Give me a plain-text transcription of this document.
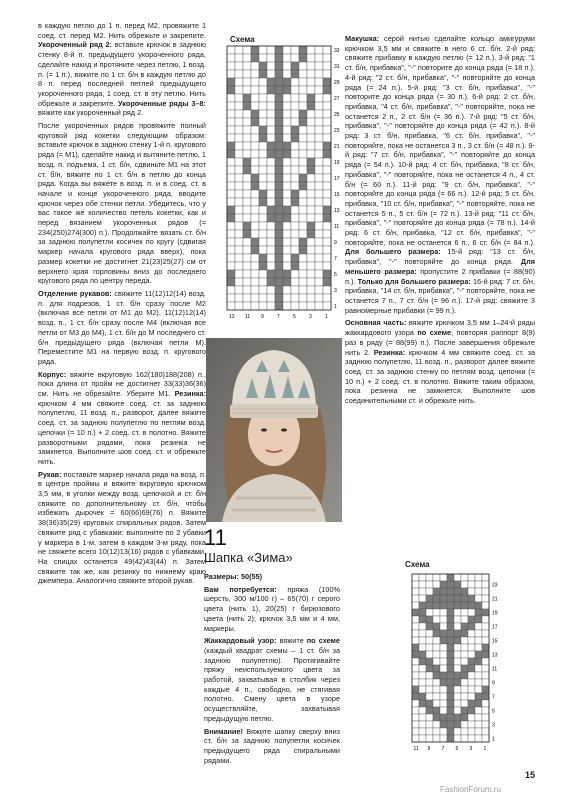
в каждую петлю до 1 п. перед М2, провяжите 1 соед. ст. перед М2. Нить обрежьте и закрепите. Укороченный ряд 2: вставьте крючок в заднюю стенку 8-й п. предыдущего укороченного ряда, сделайте накид и протяните через петлю, 1 возд. п. (= 1 п.), вяжите по 1 ст. б/н в каждую петлю до 8 п. перед последней петлей предыдущего укороченного ряда, 1 соед. ст. в эту петлю. Нить обрежьте и закрепите. Укороченные ряды 3–8: вяжите как укороченный ряд 2.

После укороченных рядов провяжите полный круговой ряд кокетки следующим образом: вставьте крючок в заднюю стенку 1-й п. кругового ряда (= М1), сделайте накид и вытяните петлю, 1 возд. п. подъема, 1 ст. б/н, сдвиньте М1 на этот ст. б/н, вяжите по 1 ст. б/н в петлю до конца ряда. Когда вы вяжете в возд. п. и в соед. ст. в начале и конце укороченного ряда, вводите крючок через обе стенки петли. Убедитесь, что у вас такое же количество петель кокетки, как и перед вязанием укороченных рядов (= 234(250)274(300) п.). Продолжайте вязать ст. б/н за заднюю полупетли косичек по кругу (сдвигая маркер начала кругового ряда вверх), пока размер кокетки не достигнет 21(23)25(27) см от верхнего края горловины вниз до последнего кругового ряда по центру переда.

Отделение рукавов: свяжите 11(12)12(14) возд. п. для подрезов, 1 ст. б/н сразу после М2 (включая все петли от М1 до М2), 11(12)12(14) возд. п., 1 ст. б/н сразу после М4 (включая все петли от М3 до М4), 1 ст. б/н до М последнего ст. б/н предыдущего ряда (включая петли М). Переместите М1 на первую возд. п. кругового ряда.

Корпус: вяжите вкруговую 162(180)188(208) п., пока длина от пройм не достигнет 33(33)36(36) см. Нить не обрезайте. Уберите М1. Резинка: крючком 4 мм свяжите соед. ст. за заднюю полупетлю, 11 возд. п., разворот, далее вяжите соед. ст. за заднюю полупетлю по петлям возд. цепочки (= 10 п.) + 2 соед. ст. в полотно. Вяжите разворотными рядами, пока резинка не замкнется. Выполните шов соед. ст. и обрежьте нить.

Рукав: поставьте маркер начала ряда на возд. п. в центре проймы и вяжите вкруговую крючком 3,5 мм, в уголки между возд. цепочкой и ст. б/н свяжите по дополнительному ст. б/н, чтобы избежать дырочек = 60(66)69(76) п. Вяжите 38(36)35(29) круговых спиральных рядов. Затем свяжите ряд с убавками: выполните по 2 убавки у маркера в 1-м, затем в каждом 3-м ряду, пока не свяжете всего 10(12)13(16) рядов с убавками. На спицах останется 49(42)43(44) п. Затем свяжите так же, как резинку по нижнему краю джемпера. Аналогично свяжите второй рукав.

Схема
33
31
29
27
25
23
21
19
17
15
13
11
9
7
5
3
1
13 11 9	7	5	3	1
11
Шапка «Зима»

Размеры: 50(55)

Вам потребуется: пряжа (100% шерсть, 300 м/100 г) – 65(70) г серого цвета (нить 1), 20(25) г бирюзового цвета (нить 2); крючок 3,5 мм и 4 мм, маркеры.

Жаккардовый узор: вяжите по схеме (каждый квадрат схемы – 1 ст. б/н за заднюю полупетлю). Протягивайте пряжу неиспользуемого цвета за работой, захватывая в столбик через каждые 4 п., свободно, не стягивая полотно. Смену цвета в узоре осуществляйте, захватывая предыдущую петлю.

Внимание! Вяжите шапку сверху вниз ст. б/н за заднюю полупетли косичек предыдущего ряда спиральными рядами.

Макушка: серой нитью сделайте кольцо амигуруми крючком 3,5 мм и свяжите в него 6 ст. б/н. 2-й ряд: свяжите прибавку в каждую петлю (= 12 п.). 3-й ряд: "1 ст. б/н, прибавка", "-" повторите до конца ряда (= 18 п.). 4-й ряд: "2 ст. б/н, прибавка", "-" повторяйте до конца ряда (= 24 п.). 5-й ряд: "3 ст. б/н, прибавка", "-" повторите до конца ряда (= 30 п.). 6-й ряд: 2 ст. б/н, прибавка, "4 ст. б/н, прибавка", "-" повторяйте, пока не останется 2 п., 2 ст. б/н (= 36 п.). 7-й ряд: "5 ст. б/н, прибавка", "-" повторяйте до конца ряда (= 42 п.). 8-й ряд: 3 ст. б/н, прибавка, "6 ст. б/н, прибавка", "-" повторяйте, пока не останется 3 п., 3 ст. б/н (= 48 п.). 9-й ряд: "7 ст. б/н, прибавка", "-" повторяйте до конца ряда (= 54 п.). 10-й ряд: 4 ст. б/н, прибавка, "8 ст. б/н, прибавка", "-" повторяйте, пока не останется 4 п., 4 ст. б/н (= 60 п.). 11-й ряд: "9 ст. б/н, прибавка", "-" повторяйте до конца ряда (= 66 п.). 12-й ряд: 5 ст. б/н, прибавка, "10 ст. б/н, прибавка", "-" повторяйте, пока не останется 5 п., 5 ст. б/н (= 72 п.). 13-й ряд: "11 ст. б/н, прибавка", "-" повторяйте до конца ряда (= 78 п.). 14-й ряд: 6 ст. б/н, прибавка, "12 ст. б/н, прибавка", "-" повторяйте, пока не останется 6 п., 6 ст. б/н (= 84 п.). Для большего размера: 15-й ряд: "13 ст. б/н, прибавка", "-" повторяйте до конца ряда. Для меньшего размера: пропустите 2 прибавки (= 88(90) п.). Только для большего размера: 16-й ряд: 7 ст. б/н, прибавка, "14 ст. б/н, прибавка", "-" повторяйте, пока не останется 7 п., 7 ст. б/н (= 96 п.). 17-й ряд: свяжите 3 равномерные прибавки (= 99 п.).

Основная часть: вяжите крючком 3,5 мм 1–24-й ряды жаккардового узора по схеме, повторяя раппорт 8(9) раз в ряду (= 88(99) п.). После завершения обрежьте нить 2. Резинка: крючком 4 мм свяжите соед. ст. за заднюю полупетлю, 11 возд. п., разворот далее вяжите соед. ст. за заднюю стенку по петлям возд. цепочки (= 10 п.) + 2 соед. ст. в полотно. Вяжите таким образом, пока резинка не замкнется. Выполните шов соединительными ст. и обрежьте нить.

Схема
23
21
19
17
15
13
11
9
7
5
3
1
11 9 7 5 3 1
15
FashionForum.ru
